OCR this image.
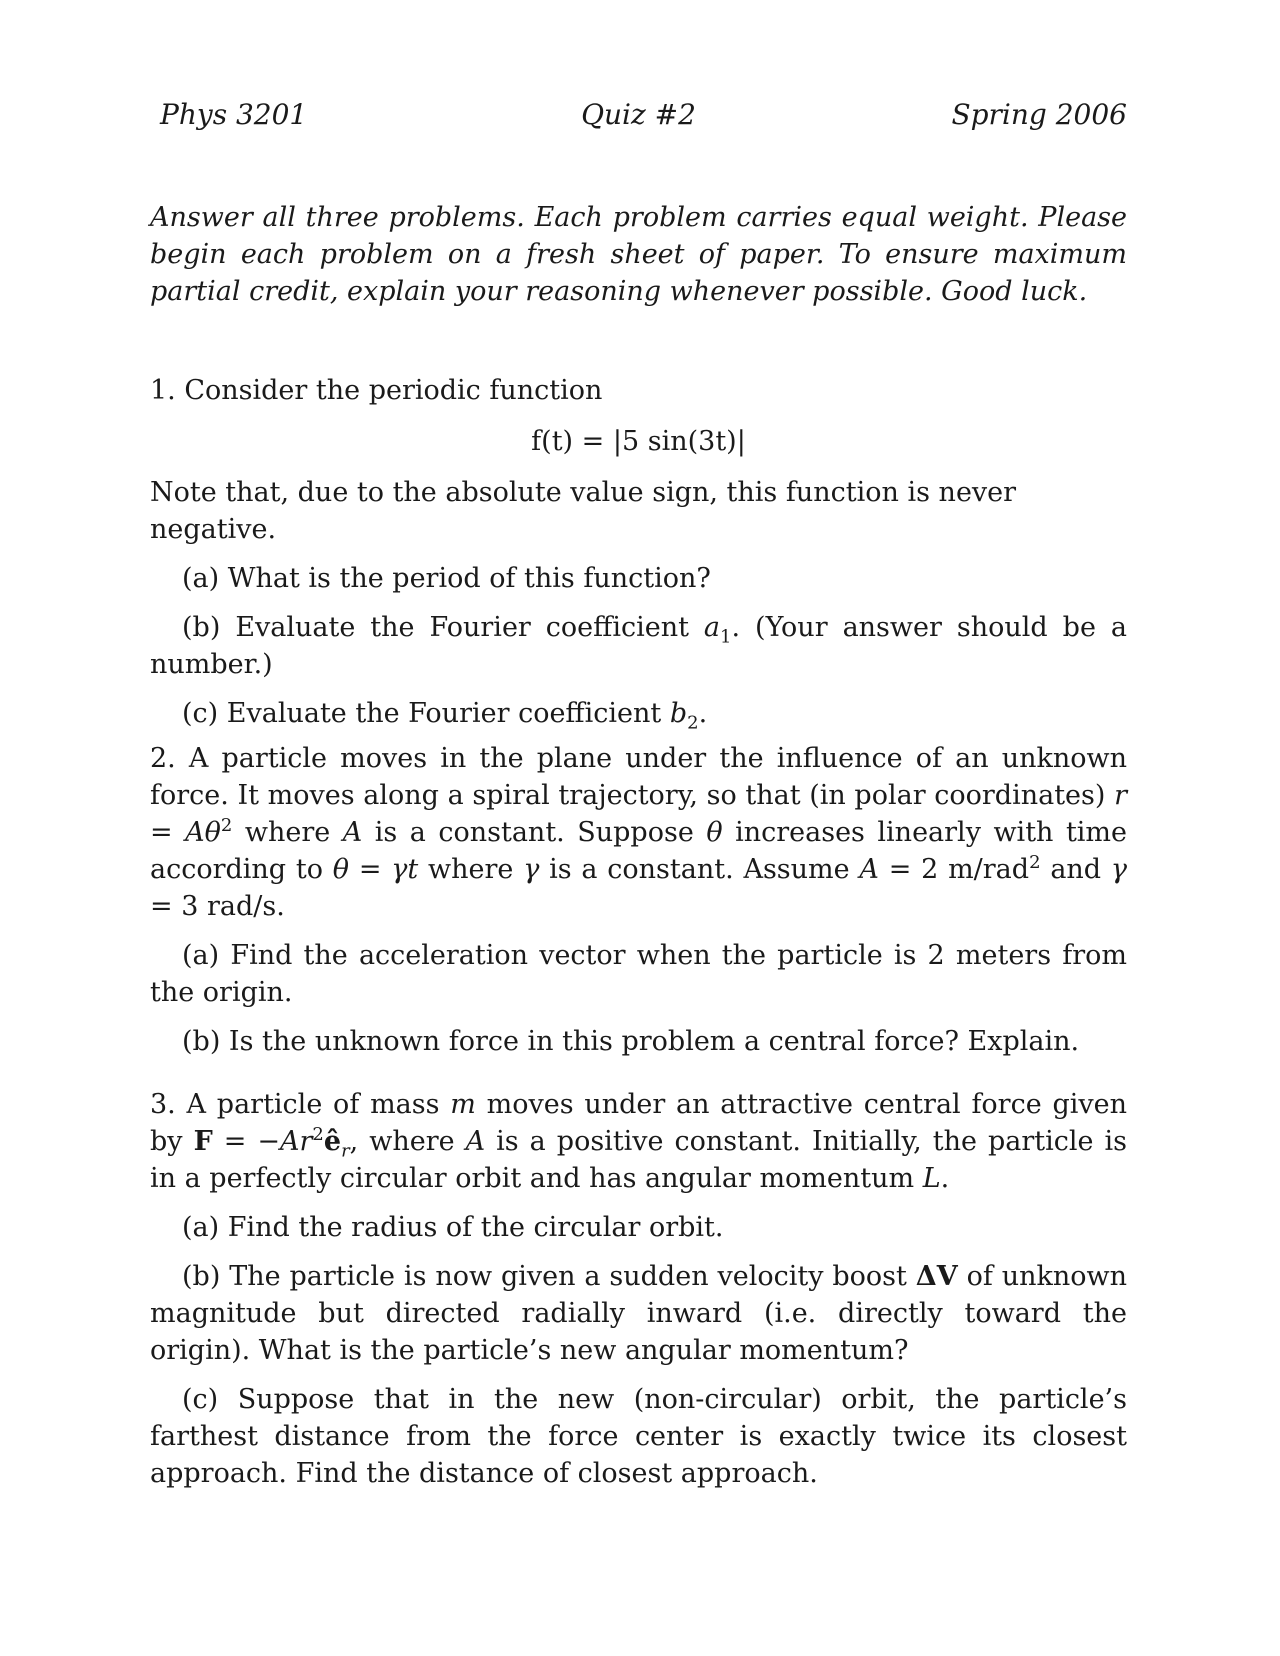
Phys 3201	Quiz #2	Spring 2006

Answer all three problems. Each problem carries equal weight. Please begin each problem on a fresh sheet of paper. To ensure maximum partial credit, explain your reasoning whenever possible. Good luck.

1. Consider the periodic function

f(t) = |5 sin(3t)|

Note that, due to the absolute value sign, this function is never negative.

(a) What is the period of this function?

(b) Evaluate the Fourier coefficient $a_1$. (Your answer should be a number.)

(c) Evaluate the Fourier coefficient $b_2$.

2. A particle moves in the plane under the influence of an unknown force. It moves along a spiral trajectory, so that (in polar coordinates) $r = A\theta^2$ where A is a constant. Suppose θ increases linearly with time according to θ = γt where γ is a constant. Assume A = 2 m/rad$^2$ and γ = 3 rad/s.

(a) Find the acceleration vector when the particle is 2 meters from the origin.

(b) Is the unknown force in this problem a central force? Explain.

3. A particle of mass m moves under an attractive central force given by $F = -Ar^2ê_r$, where A is a positive constant. Initially, the particle is in a perfectly circular orbit and has angular momentum L.

(a) Find the radius of the circular orbit.

(b) The particle is now given a sudden velocity boost ΔV of unknown magnitude but directed radially inward (i.e. directly toward the origin). What is the particle’s new angular momentum?

(c) Suppose that in the new (non-circular) orbit, the particle’s farthest distance from the force center is exactly twice its closest approach. Find the distance of closest approach.
